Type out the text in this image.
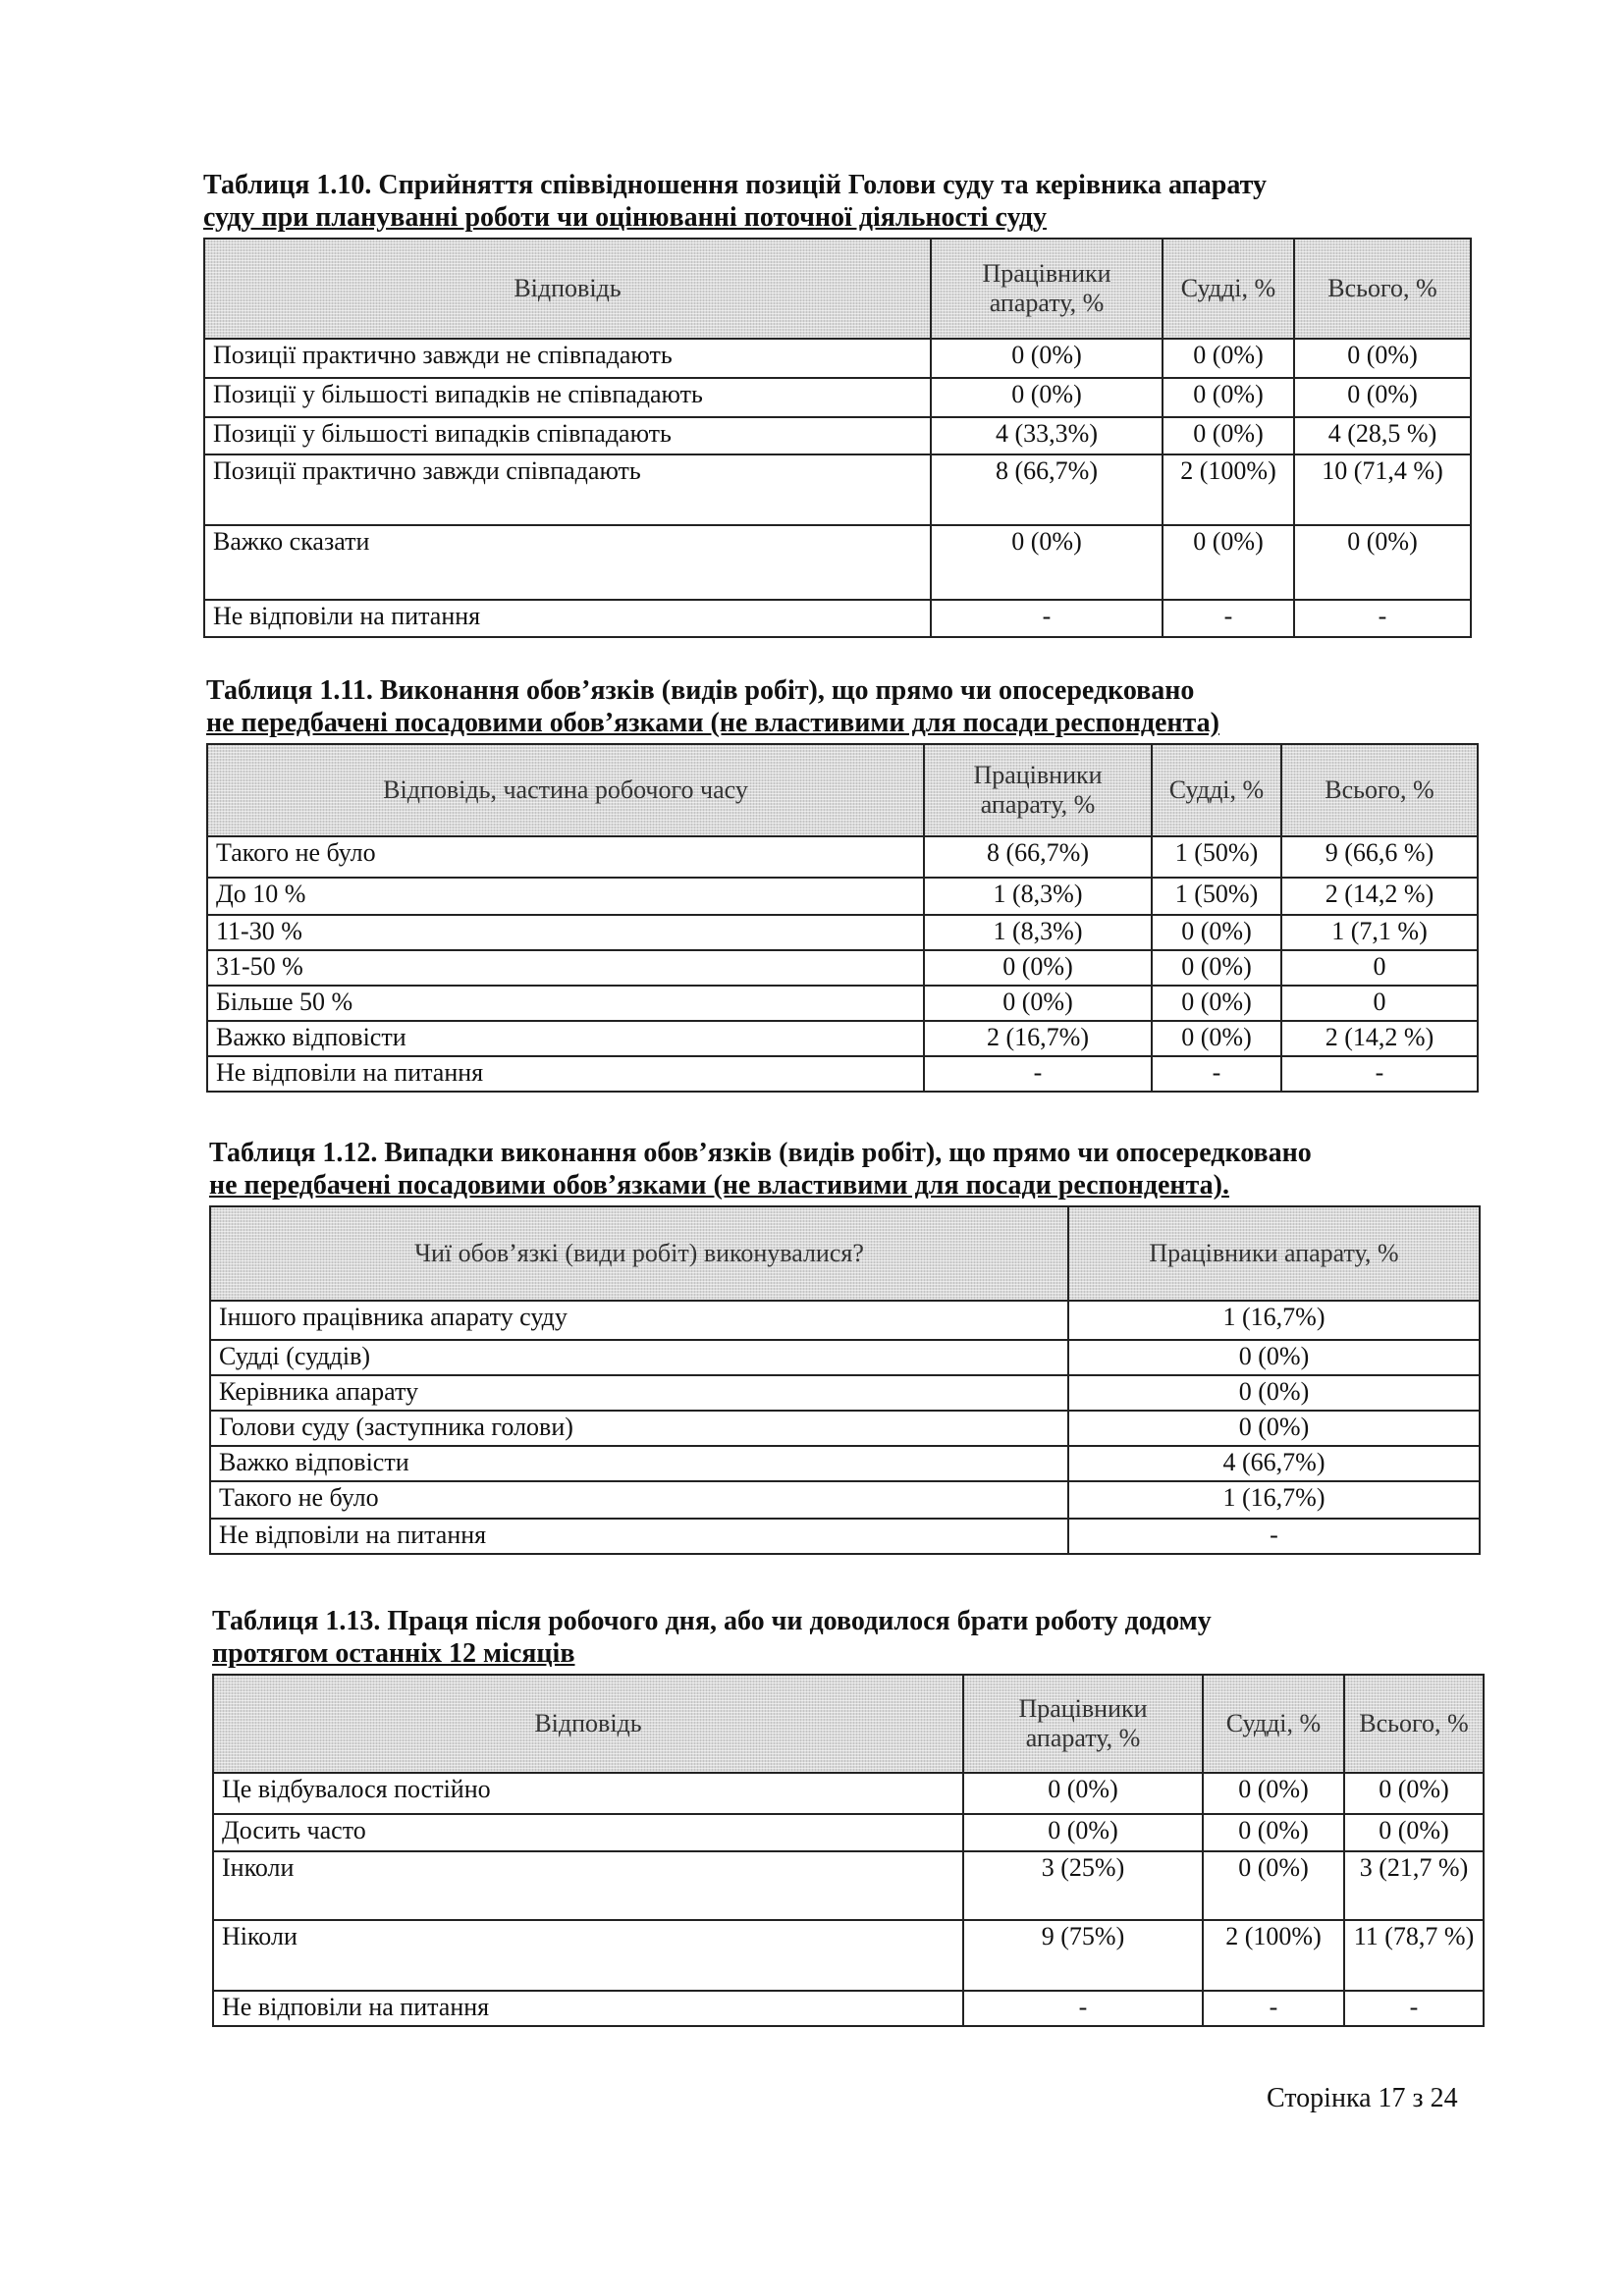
Таблиця 1.10. Сприйняття співвідношення позицій Голови суду та керівника апарату
суду при плануванні роботи чи оцінюванні поточної діяльності суду
Відповідь	Працівники апарату, %	Судді, %	Всього, %
Позиції практично завжди не співпадають	0 (0%)	0 (0%)	0 (0%)
Позиції у більшості випадків не співпадають	0 (0%)	0 (0%)	0 (0%)
Позиції у більшості випадків співпадають	4 (33,3%)	0 (0%)	4 (28,5 %)
Позиції практично завжди співпадають	8 (66,7%)	2 (100%)	10 (71,4 %)
Важко сказати	0 (0%)	0 (0%)	0 (0%)
Не відповіли на питання	-	-	-
Таблиця 1.11. Виконання обов’язків (видів робіт), що прямо чи опосередковано
не передбачені посадовими обов’язками (не властивими для посади респондента)
Відповідь, частина робочого часу	Працівники апарату, %	Судді, %	Всього, %
Такого не було	8 (66,7%)	1 (50%)	9 (66,6 %)
До 10 %	1 (8,3%)	1 (50%)	2 (14,2 %)
11-30 %	1 (8,3%)	0 (0%)	1 (7,1 %)
31-50 %	0 (0%)	0 (0%)	0
Більше 50 %	0 (0%)	0 (0%)	0
Важко відповісти	2 (16,7%)	0 (0%)	2 (14,2 %)
Не відповіли на питання	-	-	-
Таблиця 1.12. Випадки виконання обов’язків (видів робіт), що прямо чи опосередковано
не передбачені посадовими обов’язками (не властивими для посади респондента).
Чиї обов’язкі (види робіт) виконувалися?	Працівники апарату, %
Іншого працівника апарату суду	1 (16,7%)
Судді (суддів)	0 (0%)
Керівника апарату	0 (0%)
Голови суду (заступника голови)	0 (0%)
Важко відповісти	4 (66,7%)
Такого не було	1 (16,7%)
Не відповіли на питання	-
Таблиця 1.13. Праця після робочого дня, або чи доводилося брати роботу додому
протягом останніх 12 місяців
Відповідь	Працівники апарату, %	Судді, %	Всього, %
Це відбувалося постійно	0 (0%)	0 (0%)	0 (0%)
Досить часто	0 (0%)	0 (0%)	0 (0%)
Інколи	3 (25%)	0 (0%)	3 (21,7 %)
Ніколи	9 (75%)	2 (100%)	11 (78,7 %)
Не відповіли на питання	-	-	-
Сторінка 17 з 24
